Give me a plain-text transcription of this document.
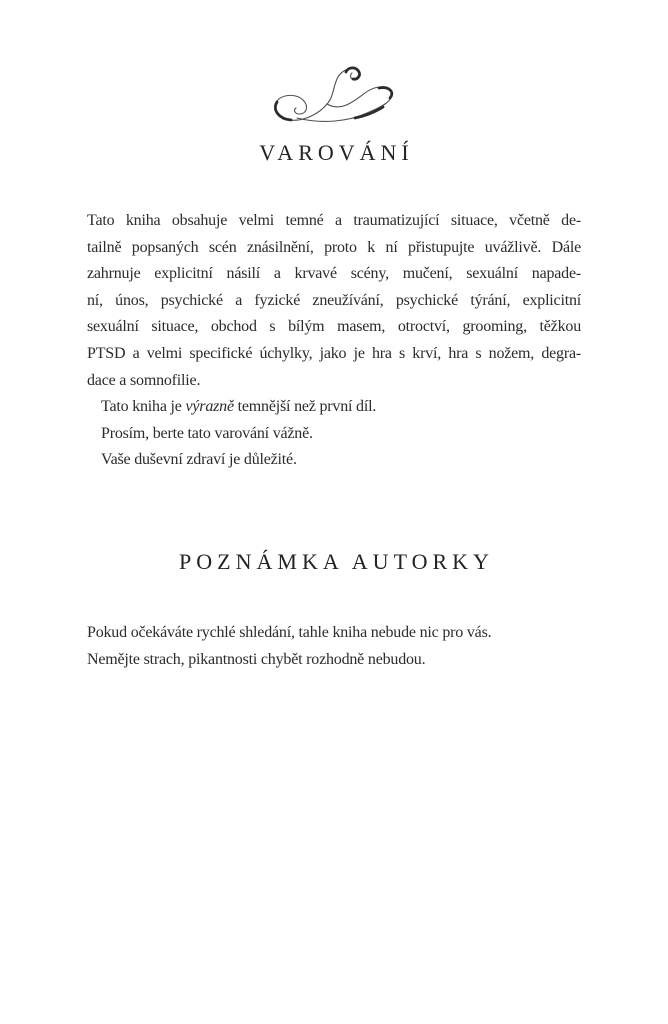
VAROVÁNÍ
Tato kniha obsahuje velmi temné a traumatizující situace, včetně de-
tailně popsaných scén znásilnění, proto k ní přistupujte uvážlivě. Dále
zahrnuje explicitní násilí a krvavé scény, mučení, sexuální napade-
ní, únos, psychické a fyzické zneužívání, psychické týrání, explicitní
sexuální situace, obchod s bílým masem, otroctví, grooming, těžkou
PTSD a velmi specifické úchylky, jako je hra s krví, hra s nožem, degra-
dace a somnofilie.
Tato kniha je výrazně temnější než první díl.
Prosím, berte tato varování vážně.
Vaše duševní zdraví je důležité.
POZNÁMKA AUTORKY
Pokud očekáváte rychlé shledání, tahle kniha nebude nic pro vás.
Nemějte strach, pikantnosti chybět rozhodně nebudou.
